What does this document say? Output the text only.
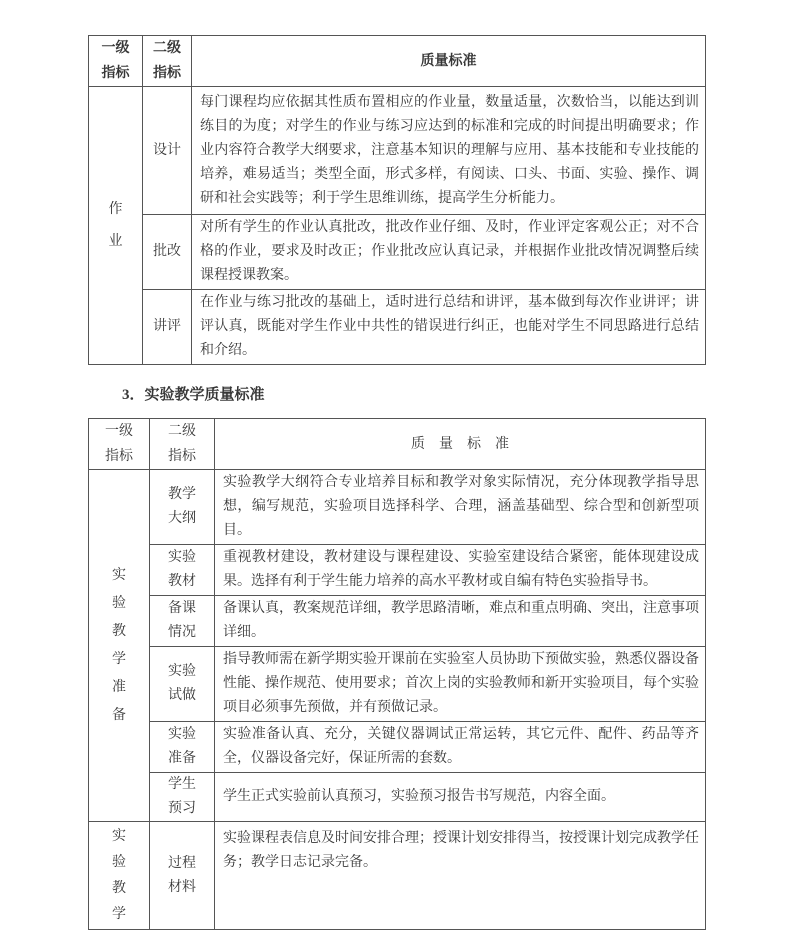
一级指标	二级指标	质量标准
作业	设计	每门课程均应依据其性质布置相应的作业量，数量适量，次数恰当，以能达到训练目的为度；对学生的作业与练习应达到的标准和完成的时间提出明确要求；作业内容符合教学大纲要求，注意基本知识的理解与应用、基本技能和专业技能的培养，难易适当；类型全面，形式多样，有阅读、口头、书面、实验、操作、调研和社会实践等；利于学生思维训练，提高学生分析能力。
	批改	对所有学生的作业认真批改，批改作业仔细、及时，作业评定客观公正；对不合格的作业，要求及时改正；作业批改应认真记录，并根据作业批改情况调整后续课程授课教案。
	讲评	在作业与练习批改的基础上，适时进行总结和讲评，基本做到每次作业讲评；讲评认真，既能对学生作业中共性的错误进行纠正，也能对学生不同思路进行总结和介绍。
3．实验教学质量标准
一级指标	二级指标	质　量　标　准
实验教学准备	教学大纲	实验教学大纲符合专业培养目标和教学对象实际情况，充分体现教学指导思想，编写规范，实验项目选择科学、合理，涵盖基础型、综合型和创新型项目。
	实验教材	重视教材建设，教材建设与课程建设、实验室建设结合紧密，能体现建设成果。选择有利于学生能力培养的高水平教材或自编有特色实验指导书。
	备课情况	备课认真，教案规范详细，教学思路清晰，难点和重点明确、突出，注意事项详细。
	实验试做	指导教师需在新学期实验开课前在实验室人员协助下预做实验，熟悉仪器设备性能、操作规范、使用要求；首次上岗的实验教师和新开实验项目，每个实验项目必须事先预做，并有预做记录。
	实验准备	实验准备认真、充分，关键仪器调试正常运转，其它元件、配件、药品等齐全，仪器设备完好，保证所需的套数。
	学生预习	学生正式实验前认真预习，实验预习报告书写规范，内容全面。
实验教学	过程材料	实验课程表信息及时间安排合理；授课计划安排得当，按授课计划完成教学任务；教学日志记录完备。
